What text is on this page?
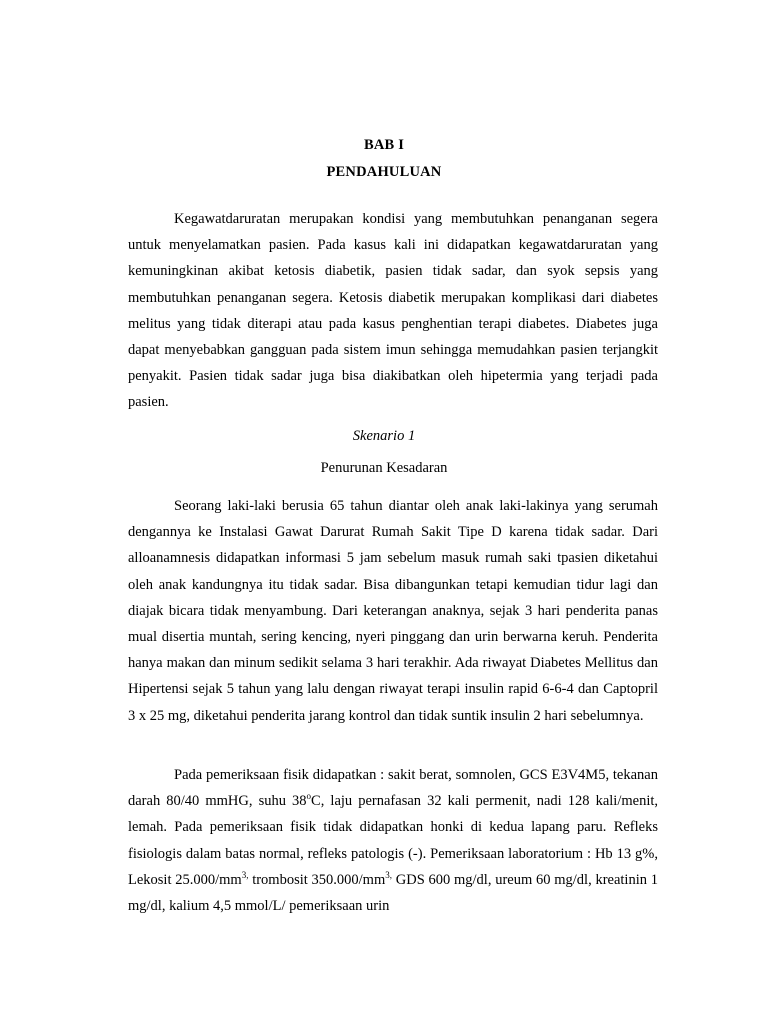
BAB I
PENDAHULUAN

Kegawatdaruratan merupakan kondisi yang membutuhkan penanganan segera untuk menyelamatkan pasien. Pada kasus kali ini didapatkan kegawatdaruratan yang kemuningkinan akibat ketosis diabetik, pasien tidak sadar, dan syok sepsis yang membutuhkan penanganan segera. Ketosis diabetik merupakan komplikasi dari diabetes melitus yang tidak diterapi atau pada kasus penghentian terapi diabetes. Diabetes juga dapat menyebabkan gangguan pada sistem imun sehingga memudahkan pasien terjangkit penyakit. Pasien tidak sadar juga bisa diakibatkan oleh hipetermia yang terjadi pada pasien.

Skenario 1
Penurunan Kesadaran

Seorang laki-laki berusia 65 tahun diantar oleh anak laki-lakinya yang serumah dengannya ke Instalasi Gawat Darurat Rumah Sakit Tipe D karena tidak sadar. Dari alloanamnesis didapatkan informasi 5 jam sebelum masuk rumah saki tpasien diketahui oleh anak kandungnya itu tidak sadar. Bisa dibangunkan tetapi kemudian tidur lagi dan diajak bicara tidak menyambung. Dari keterangan anaknya, sejak 3 hari penderita panas mual disertia muntah, sering kencing, nyeri pinggang dan urin berwarna keruh. Penderita hanya makan dan minum sedikit selama 3 hari terakhir. Ada riwayat Diabetes Mellitus dan Hipertensi sejak 5 tahun yang lalu dengan riwayat terapi insulin rapid 6-6-4 dan Captopril 3 x 25 mg, diketahui penderita jarang kontrol dan tidak suntik insulin 2 hari sebelumnya.

Pada pemeriksaan fisik didapatkan : sakit berat, somnolen, GCS E3V4M5, tekanan darah 80/40 mmHG, suhu 38$^o$C, laju pernafasan 32 kali permenit, nadi 128 kali/menit, lemah. Pada pemeriksaan fisik tidak didapatkan honki di kedua lapang paru. Refleks fisiologis dalam batas normal, refleks patologis (-). Pemeriksaan laboratorium : Hb 13 g%, Lekosit $25.000/mm^{3,}$ trombosit $350.000/mm^{3,}$ GDS 600 mg/dl, ureum 60 mg/dl, kreatinin 1 mg/dl, kalium 4,5 mmol/L/ pemeriksaan urin
